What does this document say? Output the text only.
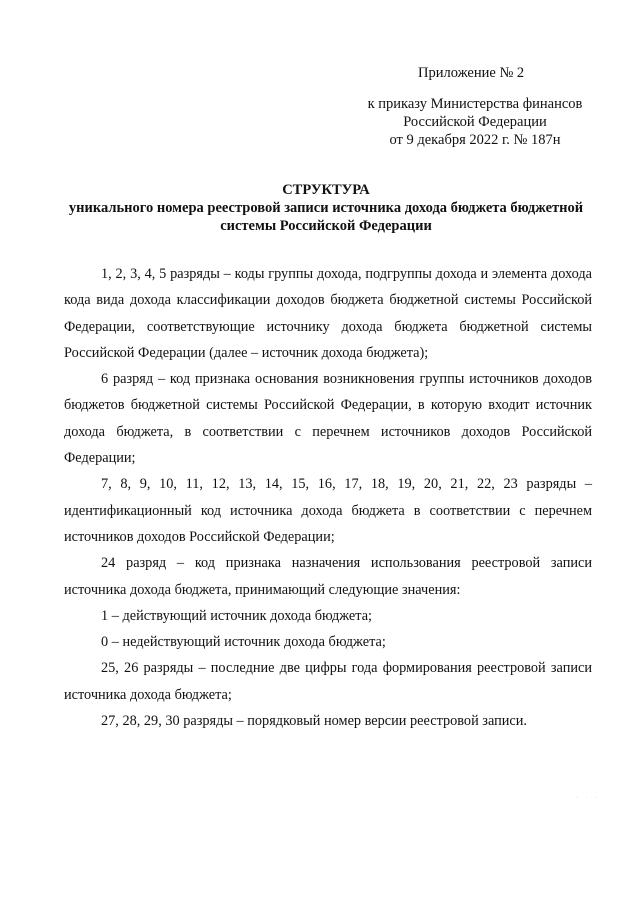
Приложение № 2
к приказу Министерства финансов
Российской Федерации
от 9 декабря 2022 г. № 187н
СТРУКТУРА
уникального номера реестровой записи источника дохода бюджета бюджетной
системы Российской Федерации

1, 2, 3, 4, 5 разряды – коды группы дохода, подгруппы дохода и элемента дохода кода вида дохода классификации доходов бюджета бюджетной системы Российской Федерации, соответствующие источнику дохода бюджета бюджетной системы Российской Федерации (далее – источник дохода бюджета);

6 разряд – код признака основания возникновения группы источников доходов бюджетов бюджетной системы Российской Федерации, в которую входит источник дохода бюджета, в соответствии с перечнем источников доходов Российской Федерации;

7, 8, 9, 10, 11, 12, 13, 14, 15, 16, 17, 18, 19, 20, 21, 22, 23 разряды – идентификационный код источника дохода бюджета в соответствии с перечнем источников доходов Российской Федерации;

24 разряд – код признака назначения использования реестровой записи источника дохода бюджета, принимающий следующие значения:

1 – действующий источник дохода бюджета;

0 – недействующий источник дохода бюджета;

25, 26 разряды – последние две цифры года формирования реестровой записи источника дохода бюджета;

27, 28, 29, 30 разряды – порядковый номер версии реестровой записи.

· · ·
